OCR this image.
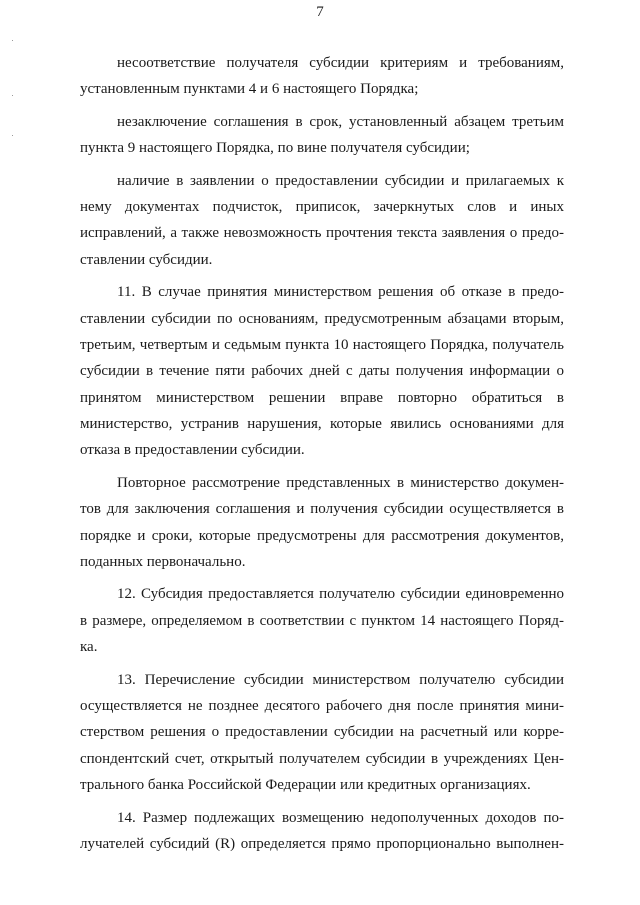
7
несоответствие получателя субсидии критериям и требованиям,
установленным пунктами 4 и 6 настоящего Порядка;
незаключение соглашения в срок, установленный абзацем третьим
пункта 9 настоящего Порядка, по вине получателя субсидии;
наличие в заявлении о предоставлении субсидии и прилагаемых к
нему документах подчисток, приписок, зачеркнутых слов и иных
исправлений, а также невозможность прочтения текста заявления о предо-
ставлении субсидии.
11. В случае принятия министерством решения об отказе в предо-
ставлении субсидии по основаниям, предусмотренным абзацами вторым,
третьим, четвертым и седьмым пункта 10 настоящего Порядка, получатель
субсидии в течение пяти рабочих дней с даты получения информации о
принятом министерством решении вправе повторно обратиться в
министерство, устранив нарушения, которые явились основаниями для
отказа в предоставлении субсидии.
Повторное рассмотрение представленных в министерство докумен-
тов для заключения соглашения и получения субсидии осуществляется в
порядке и сроки, которые предусмотрены для рассмотрения документов,
поданных первоначально.
12. Субсидия предоставляется получателю субсидии единовременно
в размере, определяемом в соответствии с пунктом 14 настоящего Поряд-
ка.
13. Перечисление субсидии министерством получателю субсидии
осуществляется не позднее десятого рабочего дня после принятия мини-
стерством решения о предоставлении субсидии на расчетный или корре-
спондентский счет, открытый получателем субсидии в учреждениях Цен-
трального банка Российской Федерации или кредитных организациях.
14. Размер подлежащих возмещению недополученных доходов по-
лучателей субсидий (R) определяется прямо пропорционально выполнен-
